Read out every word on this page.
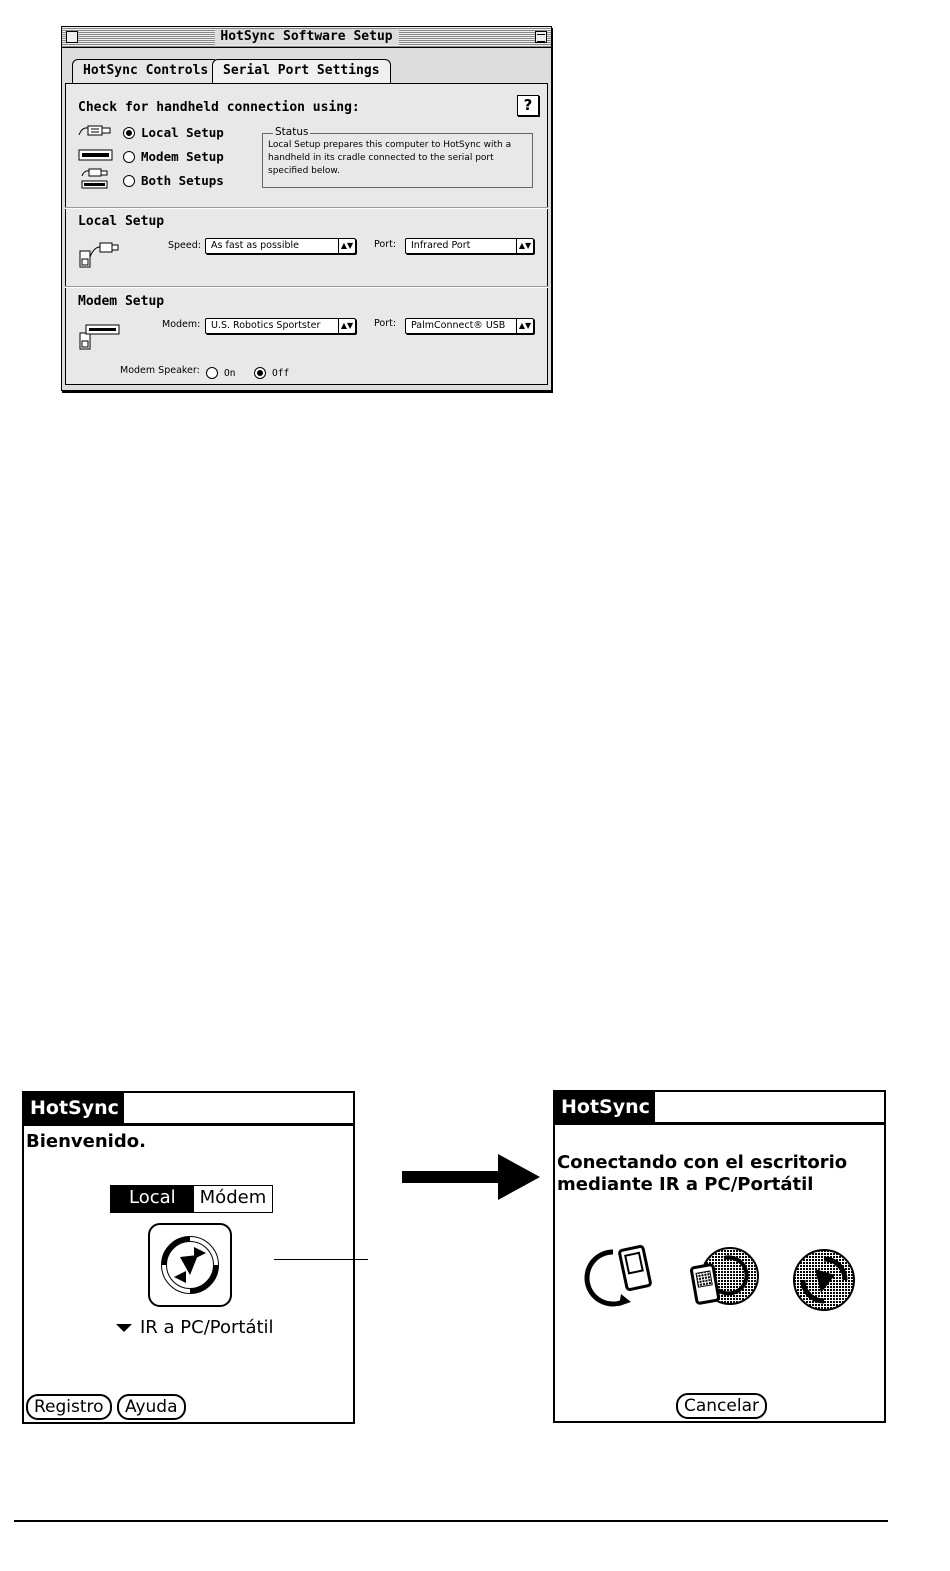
HotSync Software Setup
HotSync Controls	Serial Port Settings
Check for handheld connection using:	?
Local Setup
Modem Setup
Both Setups
Status
Local Setup prepares this computer to HotSync with a handheld in its cradle connected to the serial port specified below.
Local Setup
Speed:	As fast as possible	▲▼ Port:	Infrared Port	▲▼
Modem Setup
Modem:	U.S. Robotics Sportster	▲▼ Port:	PalmConnect® USB	▲▼
Modem Speaker:	On	Off
HotSync
Bienvenido.
Local	Módem
IR a PC/Portátil
Registro	Ayuda
HotSync
Conectando con el escritorio
mediante IR a PC/Portátil
Cancelar
